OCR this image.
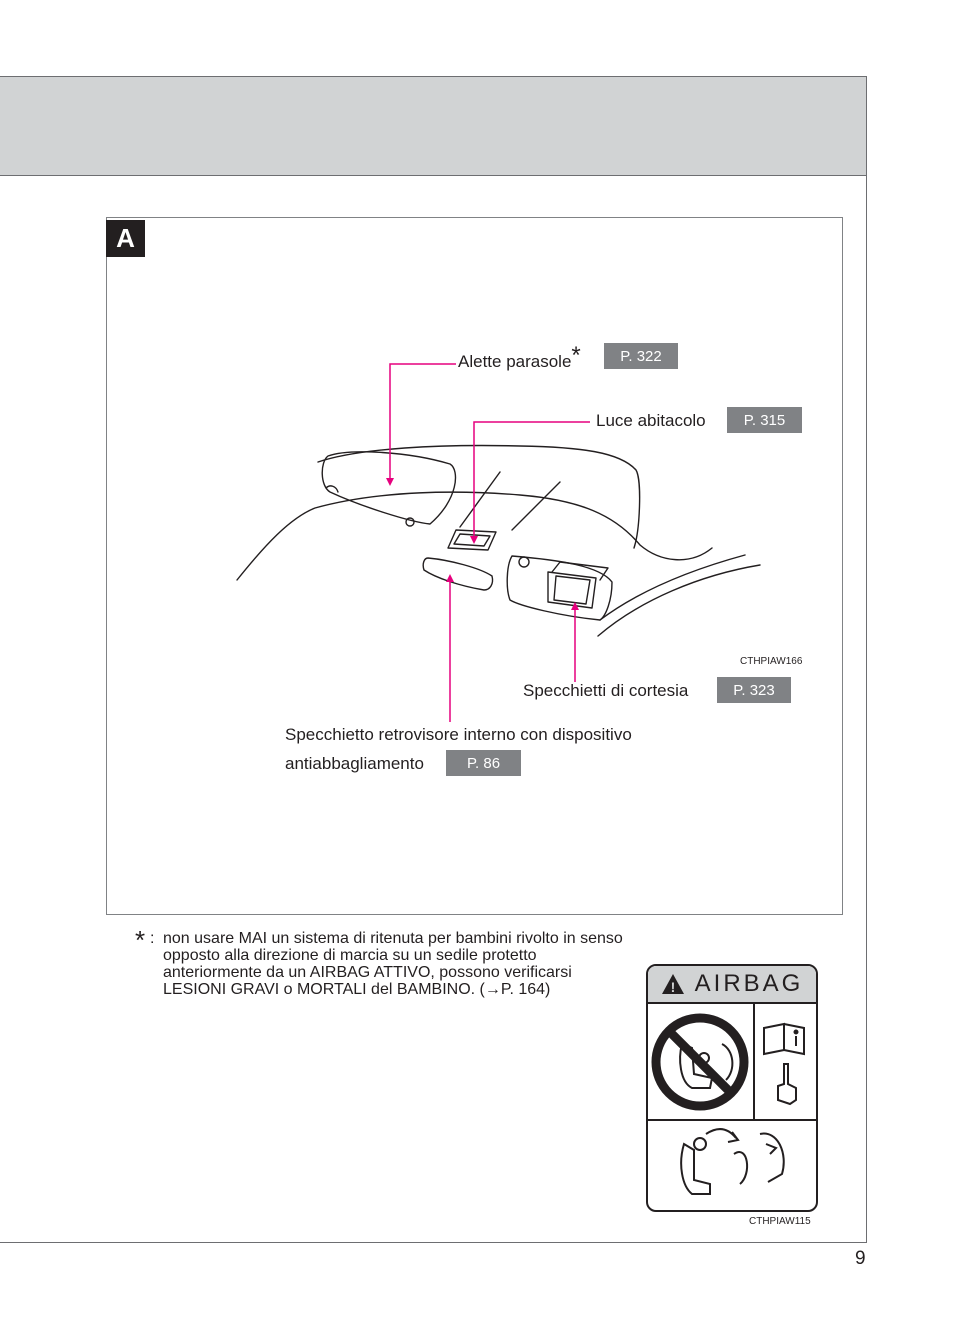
9
A
Alette parasole*	P. 322
Luce abitacolo	P. 315
CTHPIAW166
Specchietti di cortesia	P. 323
Specchietto retrovisore interno con dispositivo
antiabbagliamento	P. 86
* : non usare MAI un sistema di ritenuta per bambini rivolto in senso opposto alla direzione di marcia su un sedile protetto anteriormente da un AIRBAG ATTIVO, possono verificarsi LESIONI GRAVI o MORTALI del BAMBINO. (→P. 164)	! AIRBAG
CTHPIAW115
